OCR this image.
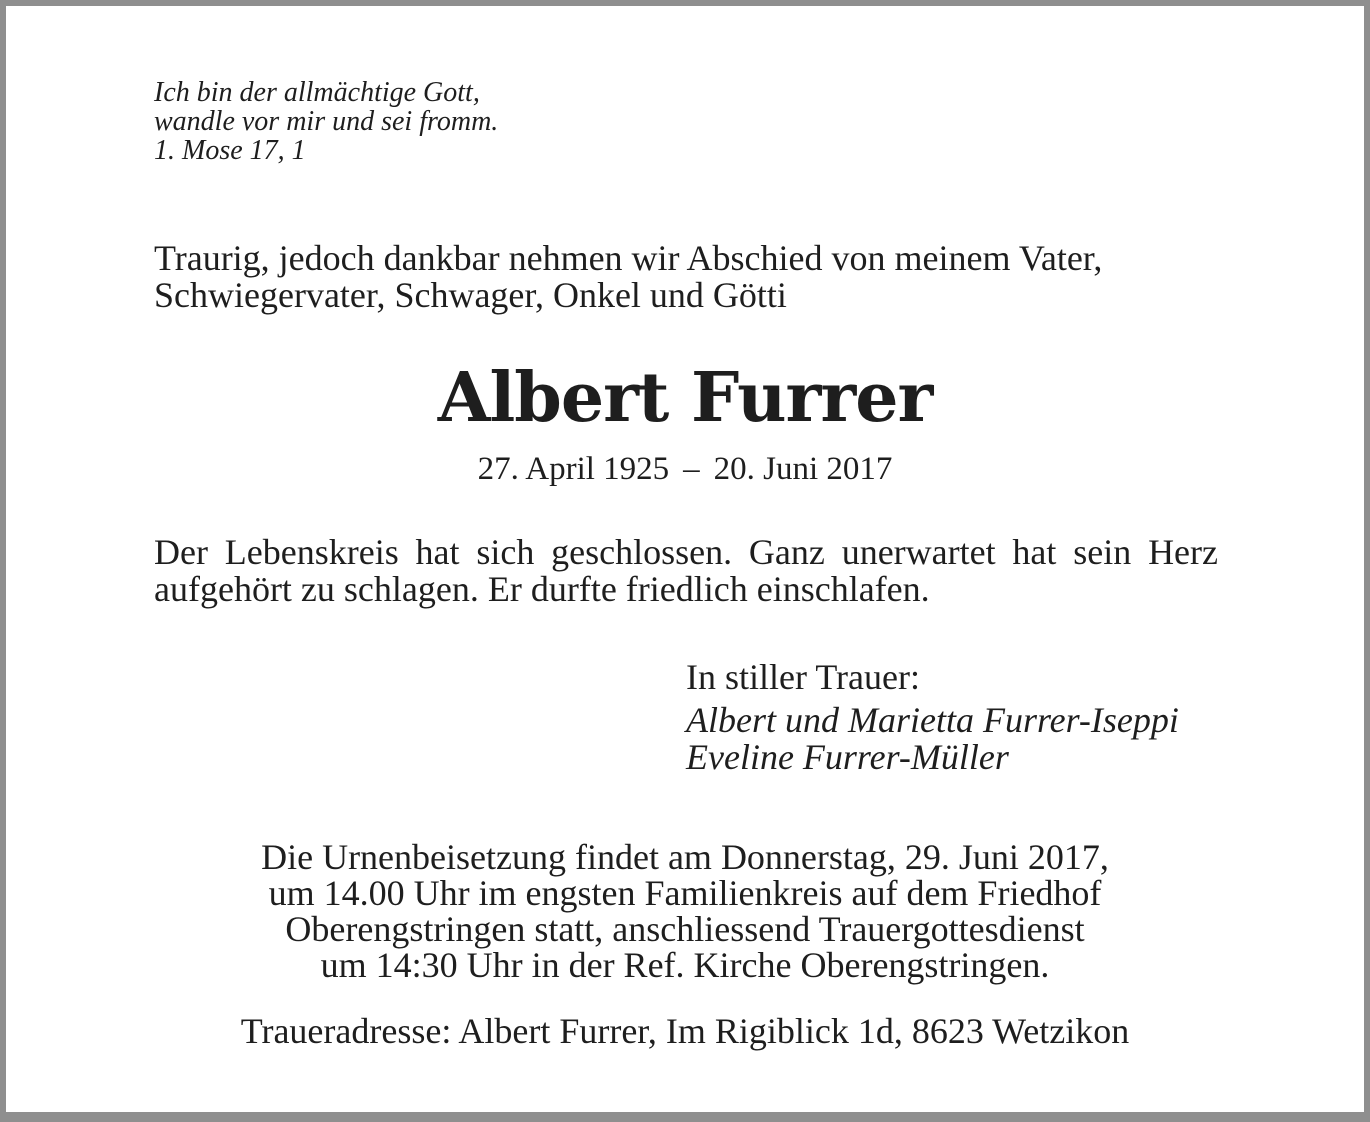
Ich bin der allmächtige Gott,
wandle vor mir und sei fromm.
1. Mose 17, 1
Traurig, jedoch dankbar nehmen wir Abschied von meinem Vater,
Schwiegervater, Schwager, Onkel und Götti
Albert Furrer
27. April 1925 – 20. Juni 2017
Der Lebenskreis hat sich geschlossen. Ganz unerwartet hat sein Herz aufgehört zu schlagen. Er durfte friedlich einschlafen.
In stiller Trauer:
Albert und Marietta Furrer-Iseppi
Eveline Furrer-Müller
Die Urnenbeisetzung findet am Donnerstag, 29. Juni 2017,
um 14.00 Uhr im engsten Familienkreis auf dem Friedhof
Oberengstringen statt, anschliessend Trauergottesdienst
um 14:30 Uhr in der Ref. Kirche Oberengstringen.
Traueradresse: Albert Furrer, Im Rigiblick 1d, 8623 Wetzikon
